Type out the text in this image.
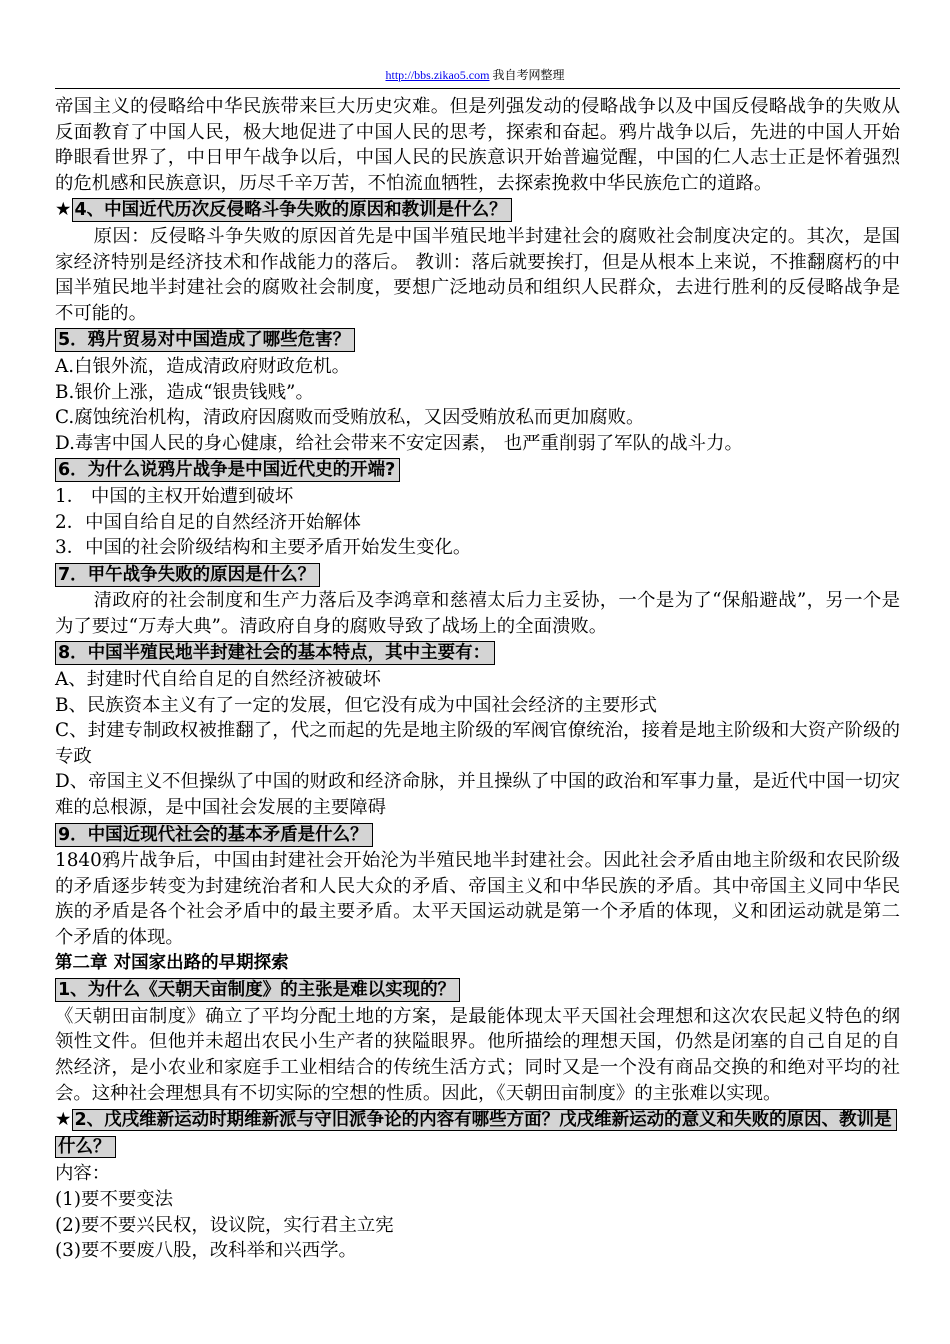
http://bbs.zikao5.com 我自考网整理

帝国主义的侵略给中华民族带来巨大历史灾难。但是列强发动的侵略战争以及中国反侵略战争的失败从反面教育了中国人民，极大地促进了中国人民的思考，探索和奋起。鸦片战争以后，先进的中国人开始睁眼看世界了，中日甲午战争以后，中国人民的民族意识开始普遍觉醒，中国的仁人志士正是怀着强烈的危机感和民族意识，历尽千辛万苦，不怕流血牺牲，去探索挽救中华民族危亡的道路。

★ 4、中国近代历次反侵略斗争失败的原因和教训是什么？

原因：反侵略斗争失败的原因首先是中国半殖民地半封建社会的腐败社会制度决定的。其次，是国家经济特别是经济技术和作战能力的落后。 教训：落后就要挨打，但是从根本上来说，不推翻腐朽的中国半殖民地半封建社会的腐败社会制度，要想广泛地动员和组织人民群众，去进行胜利的反侵略战争是不可能的。

5．鸦片贸易对中国造成了哪些危害？

A.白银外流，造成清政府财政危机。

B.银价上涨，造成“银贵钱贱”。

C.腐蚀统治机构，清政府因腐败而受贿放私，又因受贿放私而更加腐败。

D.毒害中国人民的身心健康，给社会带来不安定因素， 也严重削弱了军队的战斗力。

6．为什么说鸦片战争是中国近代史的开端?

1． 中国的主权开始遭到破坏

2．中国自给自足的自然经济开始解体

3．中国的社会阶级结构和主要矛盾开始发生变化。

7．甲午战争失败的原因是什么？

清政府的社会制度和生产力落后及李鸿章和慈禧太后力主妥协，一个是为了“保船避战”，另一个是为了要过“万寿大典”。清政府自身的腐败导致了战场上的全面溃败。

8．中国半殖民地半封建社会的基本特点，其中主要有：

A、封建时代自给自足的自然经济被破坏

B、民族资本主义有了一定的发展，但它没有成为中国社会经济的主要形式

C、封建专制政权被推翻了，代之而起的先是地主阶级的军阀官僚统治，接着是地主阶级和大资产阶级的专政

D、帝国主义不但操纵了中国的财政和经济命脉，并且操纵了中国的政治和军事力量，是近代中国一切灾难的总根源，是中国社会发展的主要障碍

9．中国近现代社会的基本矛盾是什么？

1840鸦片战争后，中国由封建社会开始沦为半殖民地半封建社会。因此社会矛盾由地主阶级和农民阶级的矛盾逐步转变为封建统治者和人民大众的矛盾、帝国主义和中华民族的矛盾。其中帝国主义同中华民族的矛盾是各个社会矛盾中的最主要矛盾。太平天国运动就是第一个矛盾的体现，义和团运动就是第二个矛盾的体现。

第二章 对国家出路的早期探索

1、为什么《天朝天亩制度》的主张是难以实现的？

《天朝田亩制度》确立了平均分配土地的方案，是最能体现太平天国社会理想和这次农民起义特色的纲领性文件。但他并未超出农民小生产者的狭隘眼界。他所描绘的理想天国，仍然是闭塞的自己自足的自然经济，是小农业和家庭手工业相结合的传统生活方式；同时又是一个没有商品交换的和绝对平均的社会。这种社会理想具有不切实际的空想的性质。因此，《天朝田亩制度》的主张难以实现。

★ 2、戊戌维新运动时期维新派与守旧派争论的内容有哪些方面？戊戌维新运动的意义和失败的原因、教训是什么？

内容：

(1)要不要变法

(2)要不要兴民权，设议院，实行君主立宪

(3)要不要废八股，改科举和兴西学。
